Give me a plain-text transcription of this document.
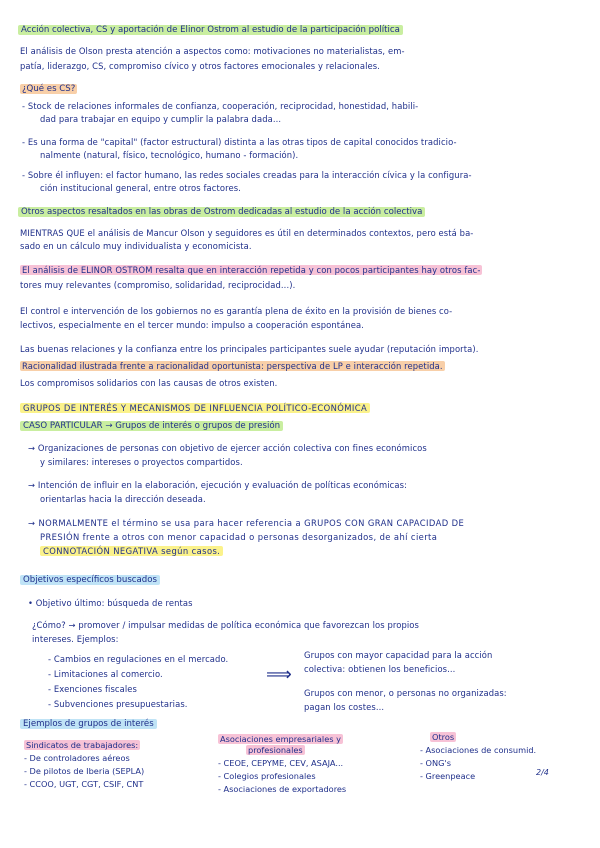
Acción colectiva, CS y aportación de Elinor Ostrom al estudio de la participación política
El análisis de Olson presta atención a aspectos como: motivaciones no materialistas, em-
patía, liderazgo, CS, compromiso cívico y otros factores emocionales y relacionales.
¿Qué es CS?
- Stock de relaciones informales de confianza, cooperación, reciprocidad, honestidad, habili-
dad para trabajar en equipo y cumplir la palabra dada...
- Es una forma de "capital" (factor estructural) distinta a las otras tipos de capital conocidos tradicio-
nalmente (natural, físico, tecnológico, humano - formación).
- Sobre él influyen: el factor humano, las redes sociales creadas para la interacción cívica y la configura-
ción institucional general, entre otros factores.
Otros aspectos resaltados en las obras de Ostrom dedicadas al estudio de la acción colectiva
MIENTRAS QUE el análisis de Mancur Olson y seguidores es útil en determinados contextos, pero está ba-
sado en un cálculo muy individualista y economicista.
El análisis de ELINOR OSTROM resalta que en interacción repetida y con pocos participantes hay otros fac-
tores muy relevantes (compromiso, solidaridad, reciprocidad...).
El control e intervención de los gobiernos no es garantía plena de éxito en la provisión de bienes co-
lectivos, especialmente en el tercer mundo: impulso a cooperación espontánea.
Las buenas relaciones y la confianza entre los principales participantes suele ayudar (reputación importa).
Racionalidad ilustrada frente a racionalidad oportunista: perspectiva de LP e interacción repetida.
Los compromisos solidarios con las causas de otros existen.
GRUPOS DE INTERÉS Y MECANISMOS DE INFLUENCIA POLÍTICO-ECONÓMICA
CASO PARTICULAR → Grupos de interés o grupos de presión
→ Organizaciones de personas con objetivo de ejercer acción colectiva con fines económicos
y similares: intereses o proyectos compartidos.
→ Intención de influir en la elaboración, ejecución y evaluación de políticas económicas:
orientarlas hacia la dirección deseada.
→ NORMALMENTE el término se usa para hacer referencia a GRUPOS CON GRAN CAPACIDAD DE
PRESIÓN frente a otros con menor capacidad o personas desorganizados, de ahí cierta
CONNOTACIÓN NEGATIVA según casos.
Objetivos específicos buscados
• Objetivo último: búsqueda de rentas
¿Cómo? → promover / impulsar medidas de política económica que favorezcan los propios
intereses. Ejemplos:
- Cambios en regulaciones en el mercado.
- Limitaciones al comercio.
- Exenciones fiscales
- Subvenciones presupuestarias.
⟹
Grupos con mayor capacidad para la acción
colectiva: obtienen los beneficios...
Grupos con menor, o personas no organizadas:
pagan los costes...
Ejemplos de grupos de interés
Sindicatos de trabajadores:
- De controladores aéreos
- De pilotos de Iberia (SEPLA)
- CCOO, UGT, CGT, CSIF, CNT
Asociaciones empresariales y
profesionales
- CEOE, CEPYME, CEV, ASAJA...
- Colegios profesionales
- Asociaciones de exportadores
Otros
- Asociaciones de consumid.
- ONG's
- Greenpeace	2/4
